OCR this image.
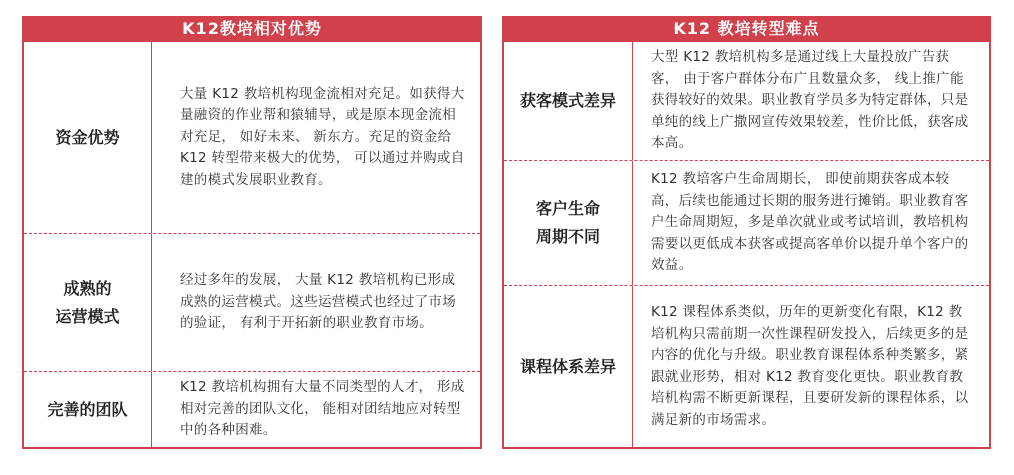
K12教培相对优势
资金优势
大量 K12 教培机构现金流相对充足。如获得大量融资的作业帮和猿辅导，或是原本现金流相对充足， 如好未来、 新东方。充足的资金给 K12 转型带来极大的优势， 可以通过并购或自建的模式发展职业教育。
成熟的
运营模式
经过多年的发展， 大量 K12 教培机构已形成成熟的运营模式。这些运营模式也经过了市场的验证， 有利于开拓新的职业教育市场。
完善的团队
K12 教培机构拥有大量不同类型的人才， 形成相对完善的团队文化， 能相对团结地应对转型中的各种困难。
K12 教培转型难点
获客模式差异
大型 K12 教培机构多是通过线上大量投放广告获客， 由于客户群体分布广且数量众多， 线上推广能获得较好的效果。职业教育学员多为特定群体，只是单纯的线上广撒网宣传效果较差，性价比低，获客成本高。
客户生命
周期不同
K12 教培客户生命周期长， 即使前期获客成本较高，后续也能通过长期的服务进行摊销。职业教育客户生命周期短，多是单次就业或考试培训，教培机构需要以更低成本获客或提高客单价以提升单个客户的效益。
课程体系差异
K12 课程体系类似，历年的更新变化有限，K12 教培机构只需前期一次性课程研发投入，后续更多的是内容的优化与升级。职业教育课程体系种类繁多，紧跟就业形势，相对 K12 教育变化更快。职业教育教培机构需不断更新课程，且要研发新的课程体系，以满足新的市场需求。
